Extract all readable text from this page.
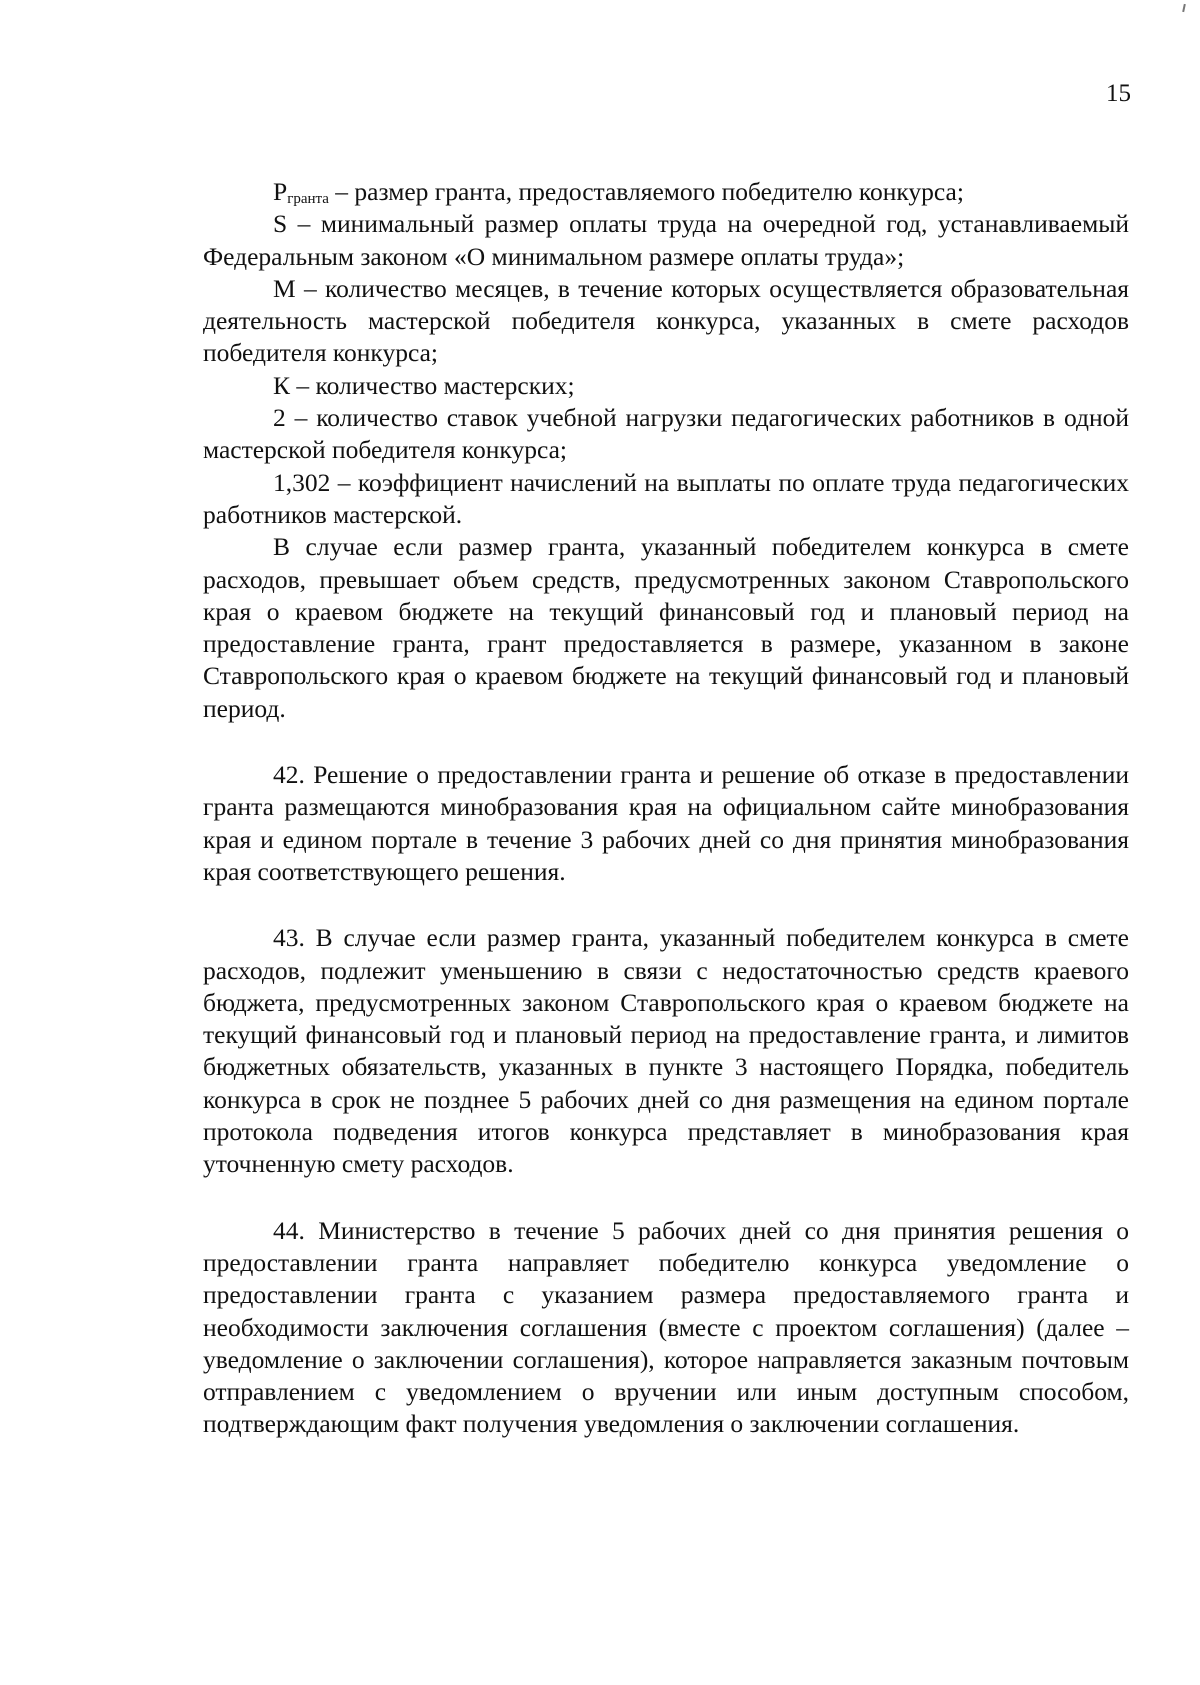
15

$P_{гранта}$ – размер гранта, предоставляемого победителю конкурса;

S – минимальный размер оплаты труда на очередной год, устанавливаемый Федеральным законом «О минимальном размере оплаты труда»;

М – количество месяцев, в течение которых осуществляется образовательная деятельность мастерской победителя конкурса, указанных в смете расходов победителя конкурса;

К – количество мастерских;

2 – количество ставок учебной нагрузки педагогических работников в одной мастерской победителя конкурса;

1,302 – коэффициент начислений на выплаты по оплате труда педагогических работников мастерской.

В случае если размер гранта, указанный победителем конкурса в смете расходов, превышает объем средств, предусмотренных законом Ставропольского края о краевом бюджете на текущий финансовый год и плановый период на предоставление гранта, грант предоставляется в размере, указанном в законе Ставропольского края о краевом бюджете на текущий финансовый год и плановый период.

42. Решение о предоставлении гранта и решение об отказе в предоставлении гранта размещаются минобразования края на официальном сайте минобразования края и едином портале в течение 3 рабочих дней со дня принятия минобразования края соответствующего решения.

43. В случае если размер гранта, указанный победителем конкурса в смете расходов, подлежит уменьшению в связи с недостаточностью средств краевого бюджета, предусмотренных законом Ставропольского края о краевом бюджете на текущий финансовый год и плановый период на предоставление гранта, и лимитов бюджетных обязательств, указанных в пункте 3 настоящего Порядка, победитель конкурса в срок не позднее 5 рабочих дней со дня размещения на едином портале протокола подведения итогов конкурса представляет в минобразования края уточненную смету расходов.

44. Министерство в течение 5 рабочих дней со дня принятия решения о предоставлении гранта направляет победителю конкурса уведомление о предоставлении гранта с указанием размера предоставляемого гранта и необходимости заключения соглашения (вместе с проектом соглашения) (далее – уведомление о заключении соглашения), которое направляется заказным почтовым отправлением с уведомлением о вручении или иным доступным способом, подтверждающим факт получения уведомления о заключении соглашения.
